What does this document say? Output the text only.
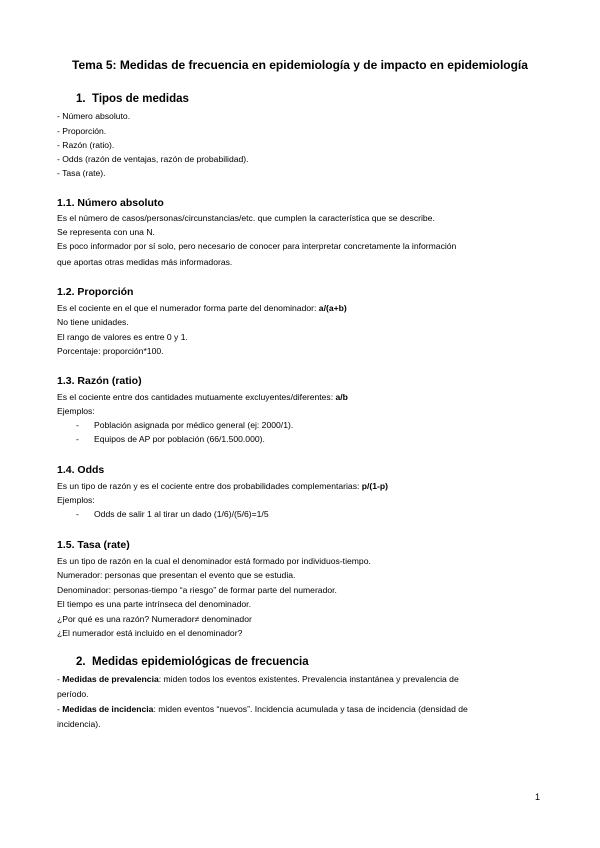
Tema 5: Medidas de frecuencia en epidemiología y de impacto en epidemiología
1. Tipos de medidas
- Número absoluto.
- Proporción.
- Razón (ratio).
- Odds (razón de ventajas, razón de probabilidad).
- Tasa (rate).
1.1. Número absoluto
Es el número de casos/personas/circunstancias/etc. que cumplen la característica que se describe.
Se representa con una N.
Es poco informador por sí solo, pero necesario de conocer para interpretar concretamente la información
que aportas otras medidas más informadoras.
1.2. Proporción
Es el cociente en el que el numerador forma parte del denominador: a/(a+b)
No tiene unidades.
El rango de valores es entre 0 y 1.
Porcentaje: proporción*100.
1.3. Razón (ratio)
Es el cociente entre dos cantidades mutuamente excluyentes/diferentes: a/b
Ejemplos:
- Población asignada por médico general (ej: 2000/1).
- Equipos de AP por población (66/1.500.000).
1.4. Odds
Es un tipo de razón y es el cociente entre dos probabilidades complementarias: p/(1-p)
Ejemplos:
- Odds de salir 1 al tirar un dado (1/6)/(5/6)=1/5
1.5. Tasa (rate)
Es un tipo de razón en la cual el denominador está formado por individuos-tiempo.
Numerador: personas que presentan el evento que se estudia.
Denominador: personas-tiempo “a riesgo” de formar parte del numerador.
El tiempo es una parte intrínseca del denominador.
¿Por qué es una razón? Numerador≠ denominador
¿El numerador está incluido en el denominador?
2. Medidas epidemiológicas de frecuencia
- Medidas de prevalencia: miden todos los eventos existentes. Prevalencia instantánea y prevalencia de
período.
- Medidas de incidencia: miden eventos “nuevos”. Incidencia acumulada y tasa de incidencia (densidad de
incidencia).
1
